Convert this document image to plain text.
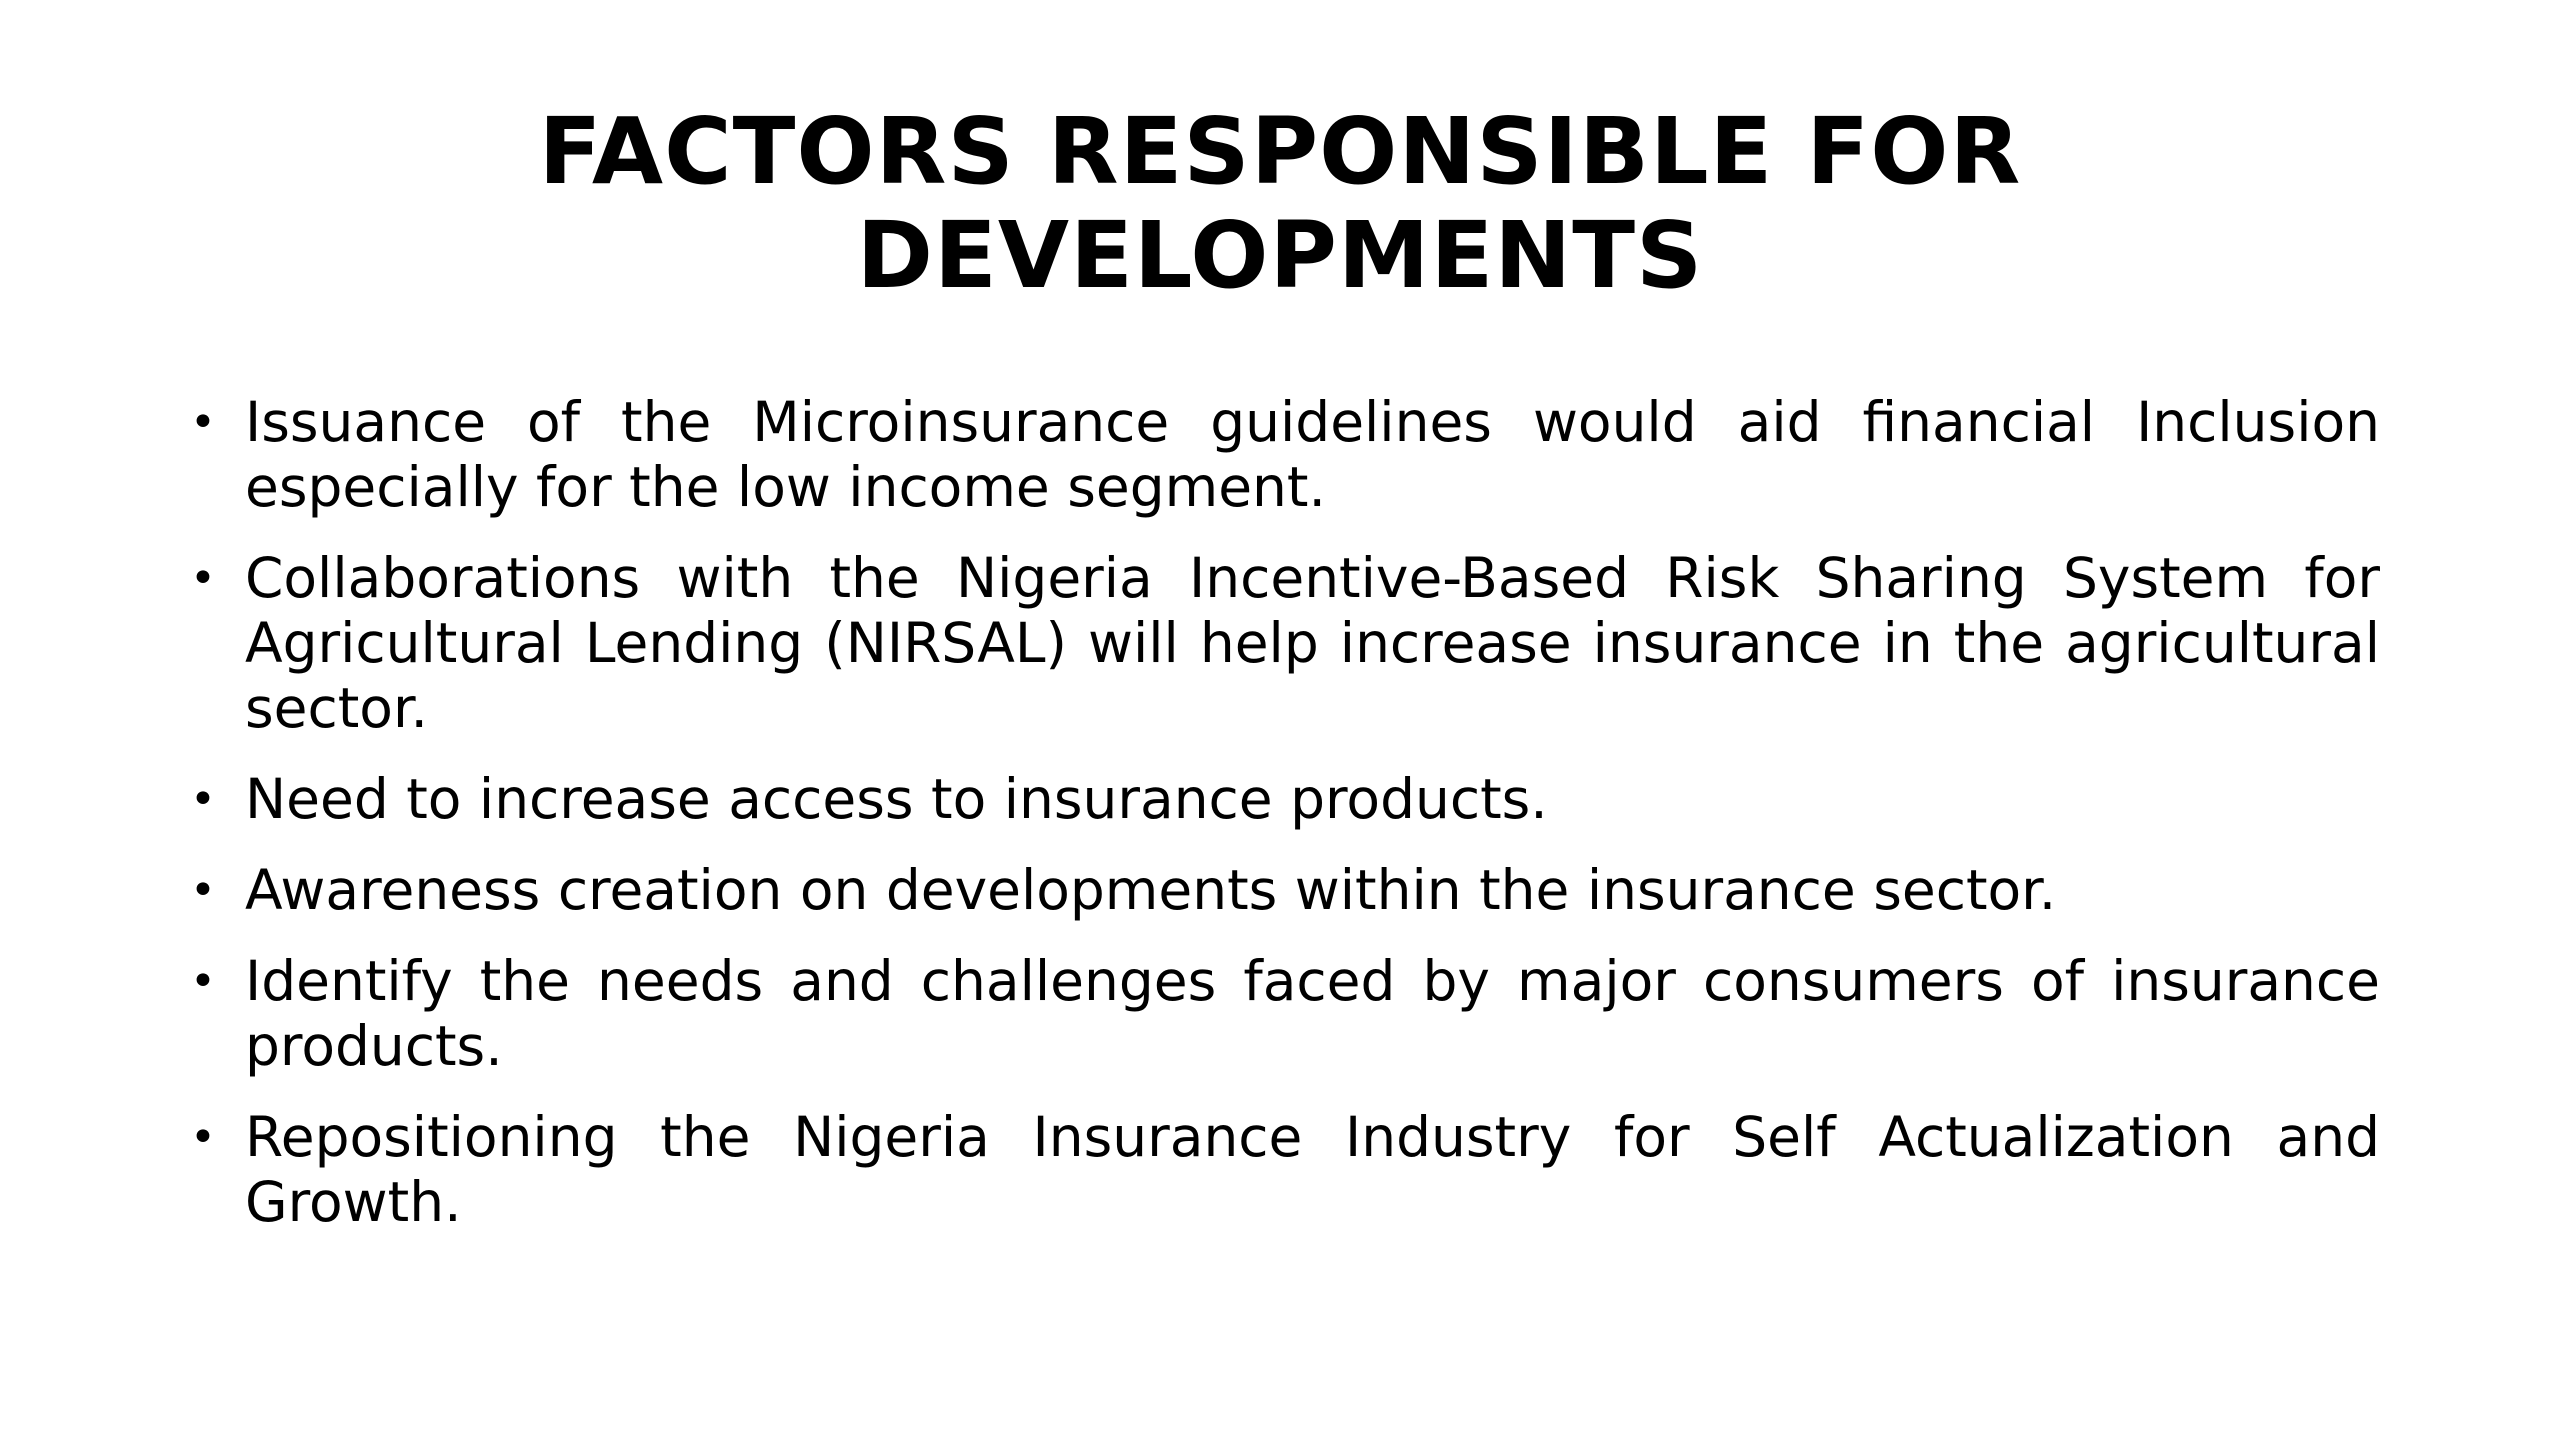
FACTORS RESPONSIBLE FOR
DEVELOPMENTS
• Issuance of the Microinsurance guidelines would aid financial Inclusion especially for the low income segment.
• Collaborations with the Nigeria Incentive-Based Risk Sharing System for Agricultural Lending (NIRSAL) will help increase insurance in the agricultural sector.
• Need to increase access to insurance products.
• Awareness creation on developments within the insurance sector.
• Identify the needs and challenges faced by major consumers of insurance products.
• Repositioning the Nigeria Insurance Industry for Self Actualization and Growth.
